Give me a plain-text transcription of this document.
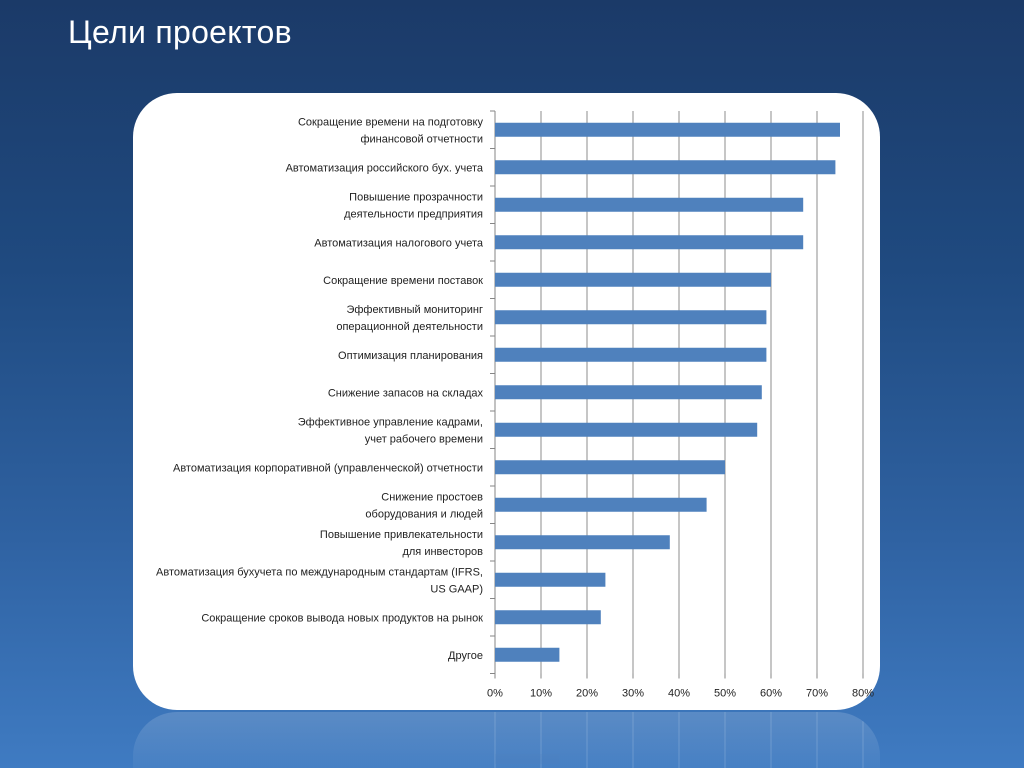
Цели проектов
Сокращение времени на подготовку финансовой отчетности
Автоматизация российского бух. учета
Повышение прозрачности деятельности предприятия
Автоматизация налогового учета
Сокращение времени поставок
Эффективный мониторинг операционной деятельности
Оптимизация планирования
Снижение запасов на складах
Эффективное управление кадрами, учет рабочего времени
Автоматизация корпоративной (управленческой) отчетности
Снижение простоев оборудования и людей
Повышение привлекательности для инвесторов
Автоматизация бухучета по международным стандартам (IFRS, US GAAP)
Сокращение сроков вывода новых продуктов на рынок
Другое
0% 10% 20% 30% 40% 50% 60% 70% 80%
